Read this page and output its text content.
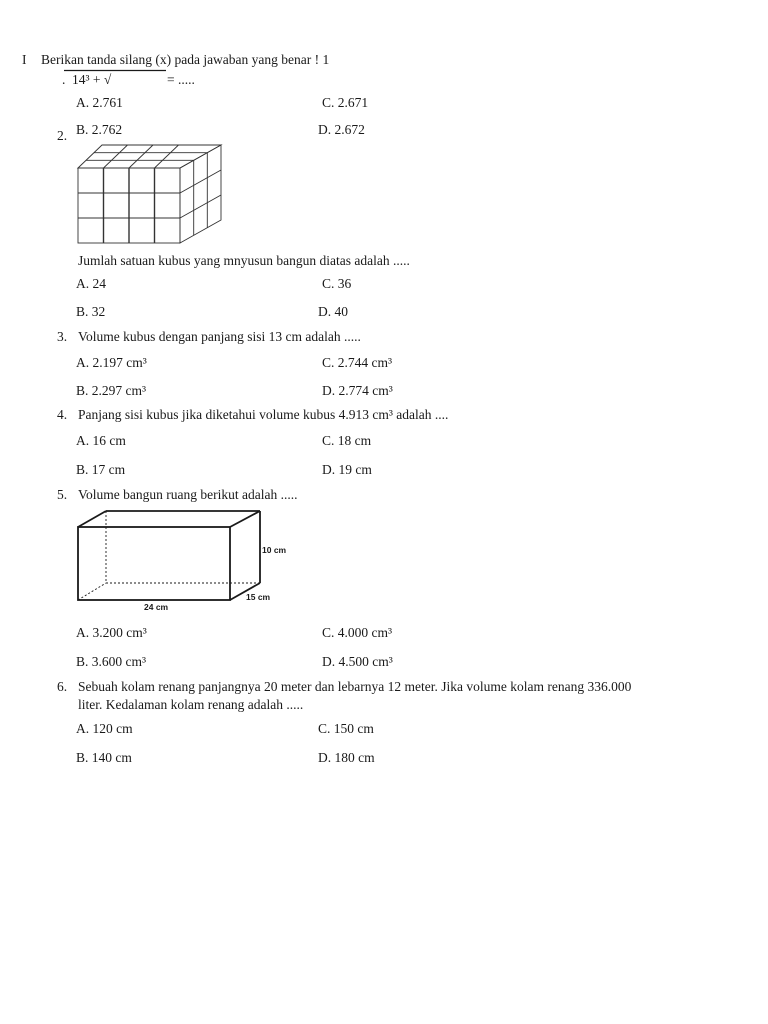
I Berikan tanda silang (x) pada jawaban yang benar ! 1
. 14³ + √	= .....
A. 2.761	C. 2.671
B. 2.762	D. 2.672
2.
Jumlah satuan kubus yang mnyusun bangun diatas adalah .....
A. 24	C. 36
B. 32	D. 40
3. Volume kubus dengan panjang sisi 13 cm adalah .....
A. 2.197 cm³	C. 2.744 cm³
B. 2.297 cm³	D. 2.774 cm³
4. Panjang sisi kubus jika diketahui volume kubus 4.913 cm³ adalah ....
A. 16 cm	C. 18 cm
B. 17 cm	D. 19 cm
5. Volume bangun ruang berikut adalah .....
10 cm
15 cm
24 cm
A. 3.200 cm³	C. 4.000 cm³
B. 3.600 cm³	D. 4.500 cm³
6. Sebuah kolam renang panjangnya 20 meter dan lebarnya 12 meter. Jika volume kolam renang 336.000
liter. Kedalaman kolam renang adalah .....
A. 120 cm	C. 150 cm
B. 140 cm	D. 180 cm
